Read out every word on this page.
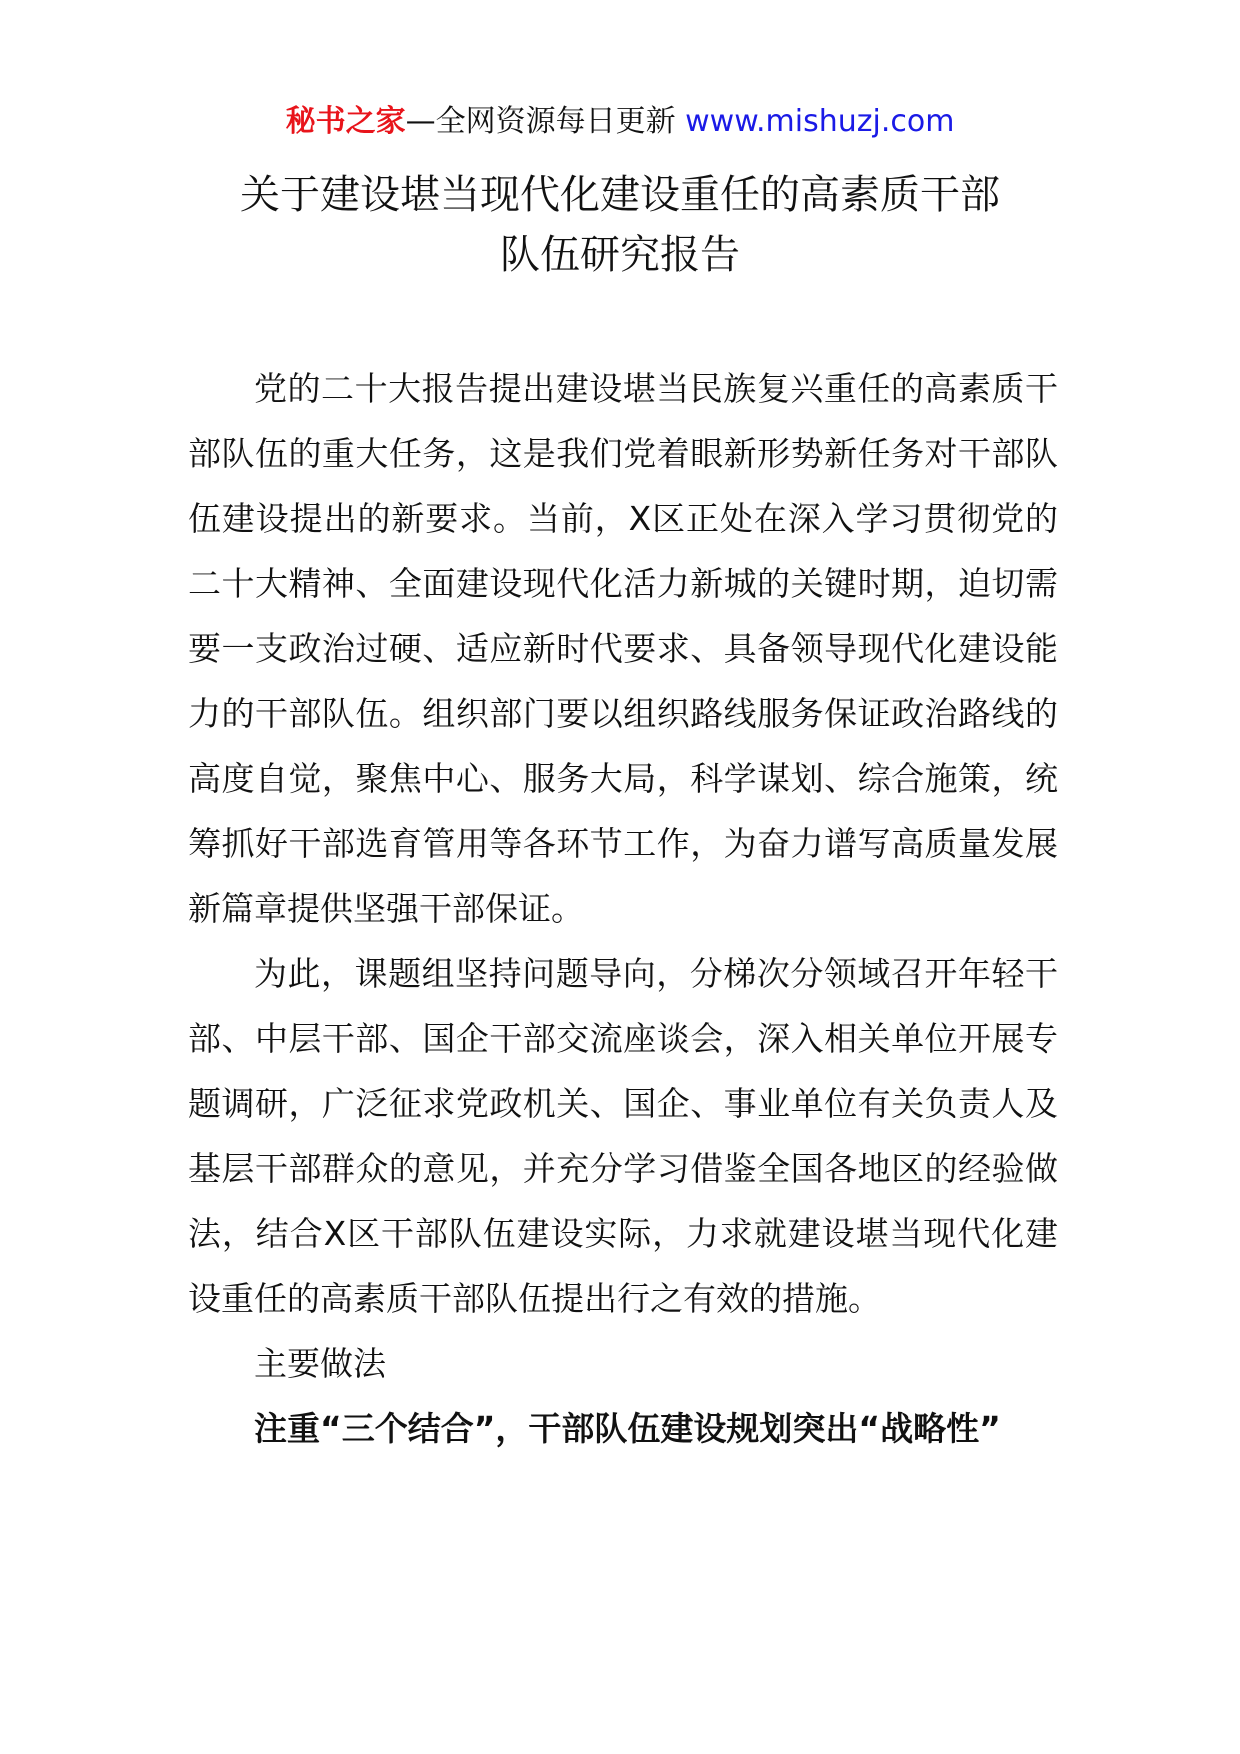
秘书之家—全网资源每日更新 www.mishuzj.com
关于建设堪当现代化建设重任的高素质干部
队伍研究报告

党的二十大报告提出建设堪当民族复兴重任的高素质干部队伍的重大任务，这是我们党着眼新形势新任务对干部队伍建设提出的新要求。当前，X区正处在深入学习贯彻党的二十大精神、全面建设现代化活力新城的关键时期，迫切需要一支政治过硬、适应新时代要求、具备领导现代化建设能力的干部队伍。组织部门要以组织路线服务保证政治路线的高度自觉，聚焦中心、服务大局，科学谋划、综合施策，统筹抓好干部选育管用等各环节工作，为奋力谱写高质量发展新篇章提供坚强干部保证。

为此，课题组坚持问题导向，分梯次分领域召开年轻干部、中层干部、国企干部交流座谈会，深入相关单位开展专题调研，广泛征求党政机关、国企、事业单位有关负责人及基层干部群众的意见，并充分学习借鉴全国各地区的经验做法，结合X区干部队伍建设实际，力求就建设堪当现代化建设重任的高素质干部队伍提出行之有效的措施。

主要做法

注重“三个结合”，干部队伍建设规划突出“战略性”
